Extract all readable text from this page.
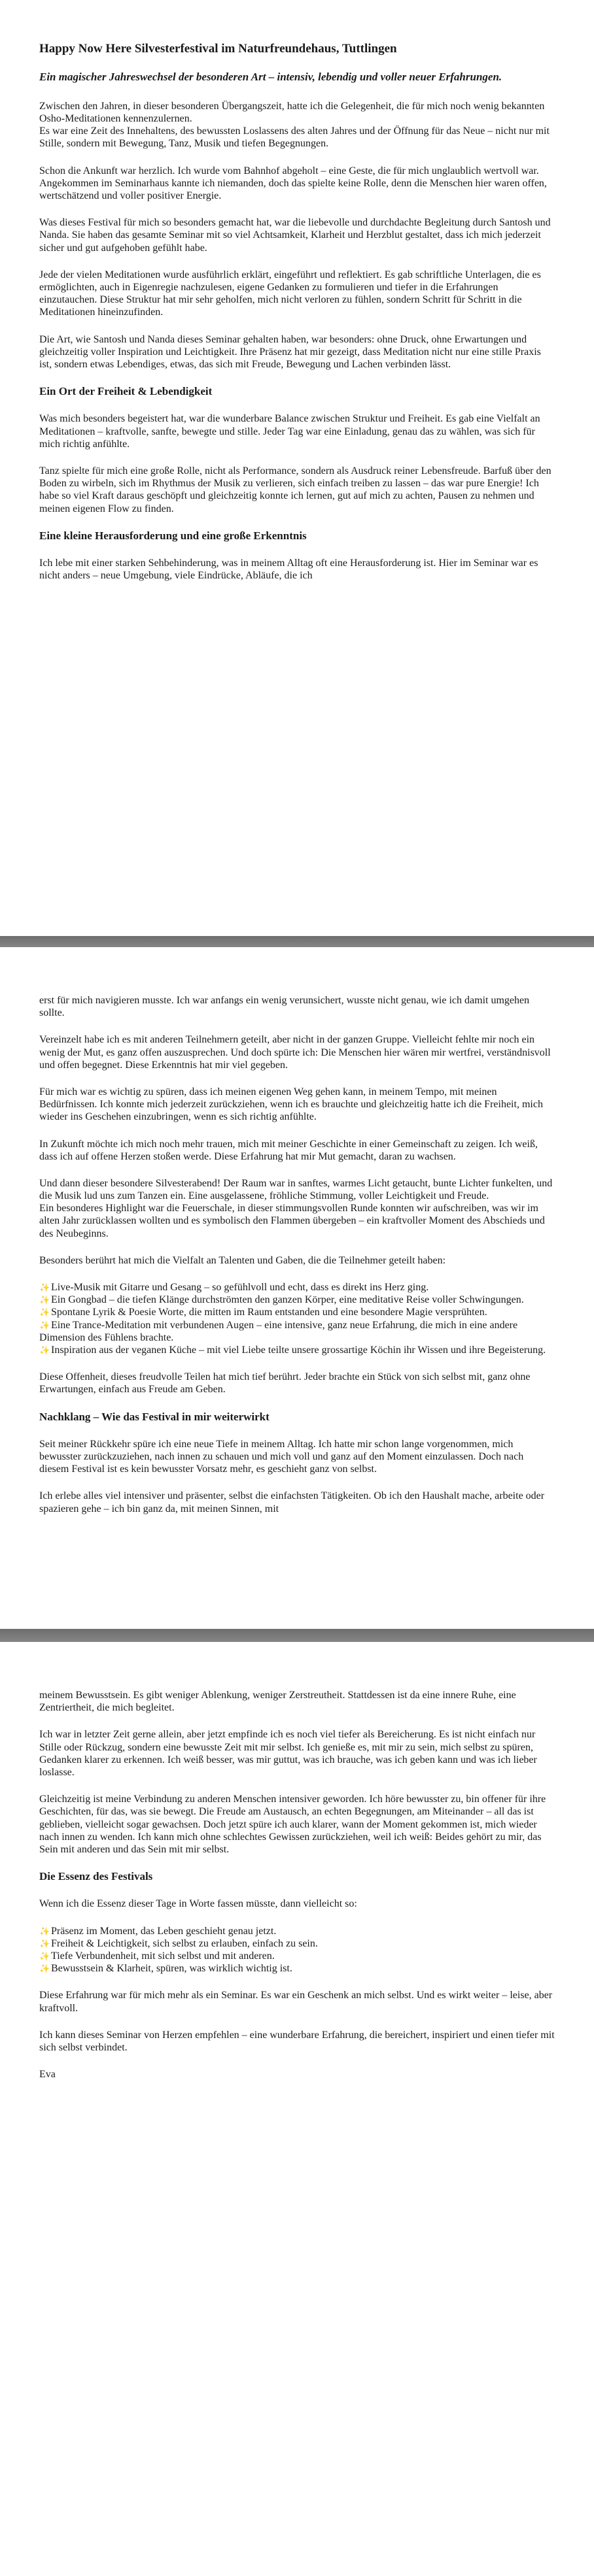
Happy Now Here Silvesterfestival im Naturfreundehaus, Tuttlingen
Ein magischer Jahreswechsel der besonderen Art – intensiv, lebendig und voller neuer Erfahrungen.

Zwischen den Jahren, in dieser besonderen Übergangszeit, hatte ich die Gelegenheit, die für mich noch wenig bekannten Osho-Meditationen kennenzulernen.
Es war eine Zeit des Innehaltens, des bewussten Loslassens des alten Jahres und der Öffnung für das Neue – nicht nur mit Stille, sondern mit Bewegung, Tanz, Musik und tiefen Begegnungen.

Schon die Ankunft war herzlich. Ich wurde vom Bahnhof abgeholt – eine Geste, die für mich unglaublich wertvoll war. Angekommen im Seminarhaus kannte ich niemanden, doch das spielte keine Rolle, denn die Menschen hier waren offen, wertschätzend und voller positiver Energie.

Was dieses Festival für mich so besonders gemacht hat, war die liebevolle und durchdachte Begleitung durch Santosh und Nanda. Sie haben das gesamte Seminar mit so viel Achtsamkeit, Klarheit und Herzblut gestaltet, dass ich mich jederzeit sicher und gut aufgehoben gefühlt habe.

Jede der vielen Meditationen wurde ausführlich erklärt, eingeführt und reflektiert. Es gab schriftliche Unterlagen, die es ermöglichten, auch in Eigenregie nachzulesen, eigene Gedanken zu formulieren und tiefer in die Erfahrungen einzutauchen. Diese Struktur hat mir sehr geholfen, mich nicht verloren zu fühlen, sondern Schritt für Schritt in die Meditationen hineinzufinden.

Die Art, wie Santosh und Nanda dieses Seminar gehalten haben, war besonders: ohne Druck, ohne Erwartungen und gleichzeitig voller Inspiration und Leichtigkeit. Ihre Präsenz hat mir gezeigt, dass Meditation nicht nur eine stille Praxis ist, sondern etwas Lebendiges, etwas, das sich mit Freude, Bewegung und Lachen verbinden lässt.

Ein Ort der Freiheit & Lebendigkeit

Was mich besonders begeistert hat, war die wunderbare Balance zwischen Struktur und Freiheit. Es gab eine Vielfalt an Meditationen – kraftvolle, sanfte, bewegte und stille. Jeder Tag war eine Einladung, genau das zu wählen, was sich für mich richtig anfühlte.

Tanz spielte für mich eine große Rolle, nicht als Performance, sondern als Ausdruck reiner Lebensfreude. Barfuß über den Boden zu wirbeln, sich im Rhythmus der Musik zu verlieren, sich einfach treiben zu lassen – das war pure Energie! Ich habe so viel Kraft daraus geschöpft und gleichzeitig konnte ich lernen, gut auf mich zu achten, Pausen zu nehmen und meinen eigenen Flow zu finden.

Eine kleine Herausforderung und eine große Erkenntnis

Ich lebe mit einer starken Sehbehinderung, was in meinem Alltag oft eine Herausforderung ist. Hier im Seminar war es nicht anders – neue Umgebung, viele Eindrücke, Abläufe, die ich

erst für mich navigieren musste. Ich war anfangs ein wenig verunsichert, wusste nicht genau, wie ich damit umgehen sollte.

Vereinzelt habe ich es mit anderen Teilnehmern geteilt, aber nicht in der ganzen Gruppe. Vielleicht fehlte mir noch ein wenig der Mut, es ganz offen auszusprechen. Und doch spürte ich: Die Menschen hier wären mir wertfrei, verständnisvoll und offen begegnet. Diese Erkenntnis hat mir viel gegeben.

Für mich war es wichtig zu spüren, dass ich meinen eigenen Weg gehen kann, in meinem Tempo, mit meinen Bedürfnissen. Ich konnte mich jederzeit zurückziehen, wenn ich es brauchte und gleichzeitig hatte ich die Freiheit, mich wieder ins Geschehen einzubringen, wenn es sich richtig anfühlte.

In Zukunft möchte ich mich noch mehr trauen, mich mit meiner Geschichte in einer Gemeinschaft zu zeigen. Ich weiß, dass ich auf offene Herzen stoßen werde. Diese Erfahrung hat mir Mut gemacht, daran zu wachsen.

Und dann dieser besondere Silvesterabend! Der Raum war in sanftes, warmes Licht getaucht, bunte Lichter funkelten, und die Musik lud uns zum Tanzen ein. Eine ausgelassene, fröhliche Stimmung, voller Leichtigkeit und Freude.
Ein besonderes Highlight war die Feuerschale, in dieser stimmungsvollen Runde konnten wir aufschreiben, was wir im alten Jahr zurücklassen wollten und es symbolisch den Flammen übergeben – ein kraftvoller Moment des Abschieds und des Neubeginns.

Besonders berührt hat mich die Vielfalt an Talenten und Gaben, die die Teilnehmer geteilt haben:

✨ Live-Musik mit Gitarre und Gesang – so gefühlvoll und echt, dass es direkt ins Herz ging.
✨ Ein Gongbad – die tiefen Klänge durchströmten den ganzen Körper, eine meditative Reise voller Schwingungen.
✨ Spontane Lyrik & Poesie Worte, die mitten im Raum entstanden und eine besondere Magie versprühten.
✨ Eine Trance-Meditation mit verbundenen Augen – eine intensive, ganz neue Erfahrung, die mich in eine andere Dimension des Fühlens brachte.
✨ Inspiration aus der veganen Küche – mit viel Liebe teilte unsere grossartige Köchin ihr Wissen und ihre Begeisterung.

Diese Offenheit, dieses freudvolle Teilen hat mich tief berührt. Jeder brachte ein Stück von sich selbst mit, ganz ohne Erwartungen, einfach aus Freude am Geben.

Nachklang – Wie das Festival in mir weiterwirkt

Seit meiner Rückkehr spüre ich eine neue Tiefe in meinem Alltag. Ich hatte mir schon lange vorgenommen, mich bewusster zurückzuziehen, nach innen zu schauen und mich voll und ganz auf den Moment einzulassen. Doch nach diesem Festival ist es kein bewusster Vorsatz mehr, es geschieht ganz von selbst.

Ich erlebe alles viel intensiver und präsenter, selbst die einfachsten Tätigkeiten. Ob ich den Haushalt mache, arbeite oder spazieren gehe – ich bin ganz da, mit meinen Sinnen, mit

meinem Bewusstsein. Es gibt weniger Ablenkung, weniger Zerstreutheit. Stattdessen ist da eine innere Ruhe, eine Zentriertheit, die mich begleitet.

Ich war in letzter Zeit gerne allein, aber jetzt empfinde ich es noch viel tiefer als Bereicherung. Es ist nicht einfach nur Stille oder Rückzug, sondern eine bewusste Zeit mit mir selbst. Ich genieße es, mit mir zu sein, mich selbst zu spüren, Gedanken klarer zu erkennen. Ich weiß besser, was mir guttut, was ich brauche, was ich geben kann und was ich lieber loslasse.

Gleichzeitig ist meine Verbindung zu anderen Menschen intensiver geworden. Ich höre bewusster zu, bin offener für ihre Geschichten, für das, was sie bewegt. Die Freude am Austausch, an echten Begegnungen, am Miteinander – all das ist geblieben, vielleicht sogar gewachsen. Doch jetzt spüre ich auch klarer, wann der Moment gekommen ist, mich wieder nach innen zu wenden. Ich kann mich ohne schlechtes Gewissen zurückziehen, weil ich weiß: Beides gehört zu mir, das Sein mit anderen und das Sein mit mir selbst.

Die Essenz des Festivals

Wenn ich die Essenz dieser Tage in Worte fassen müsste, dann vielleicht so:

✨ Präsenz im Moment, das Leben geschieht genau jetzt.
✨ Freiheit & Leichtigkeit, sich selbst zu erlauben, einfach zu sein.
✨ Tiefe Verbundenheit, mit sich selbst und mit anderen.
✨ Bewusstsein & Klarheit, spüren, was wirklich wichtig ist.

Diese Erfahrung war für mich mehr als ein Seminar. Es war ein Geschenk an mich selbst. Und es wirkt weiter – leise, aber kraftvoll.

Ich kann dieses Seminar von Herzen empfehlen – eine wunderbare Erfahrung, die bereichert, inspiriert und einen tiefer mit sich selbst verbindet.

Eva
